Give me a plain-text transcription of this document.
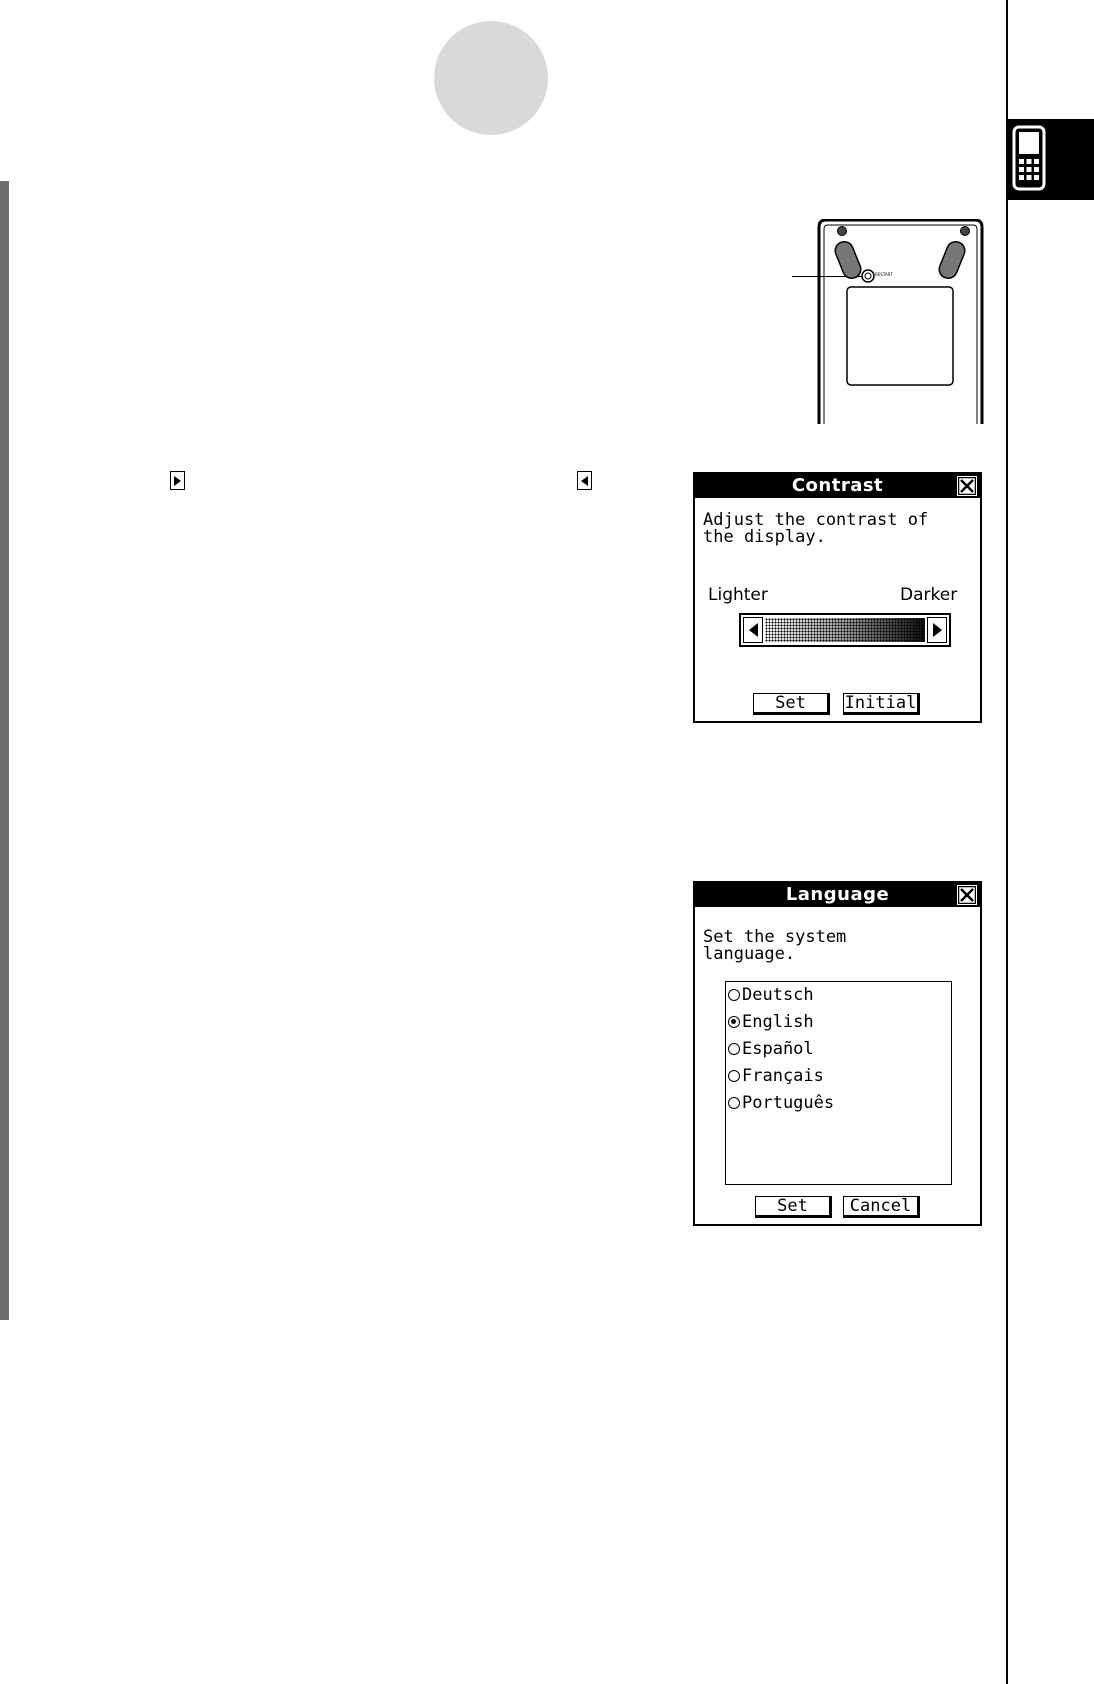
RESTART
Contrast
Adjust the contrast of
the display.
Lighter	Darker
Set	Initial
Language
Set the system
language.
Deutsch
English
Español
Français
Português
Set	Cancel
